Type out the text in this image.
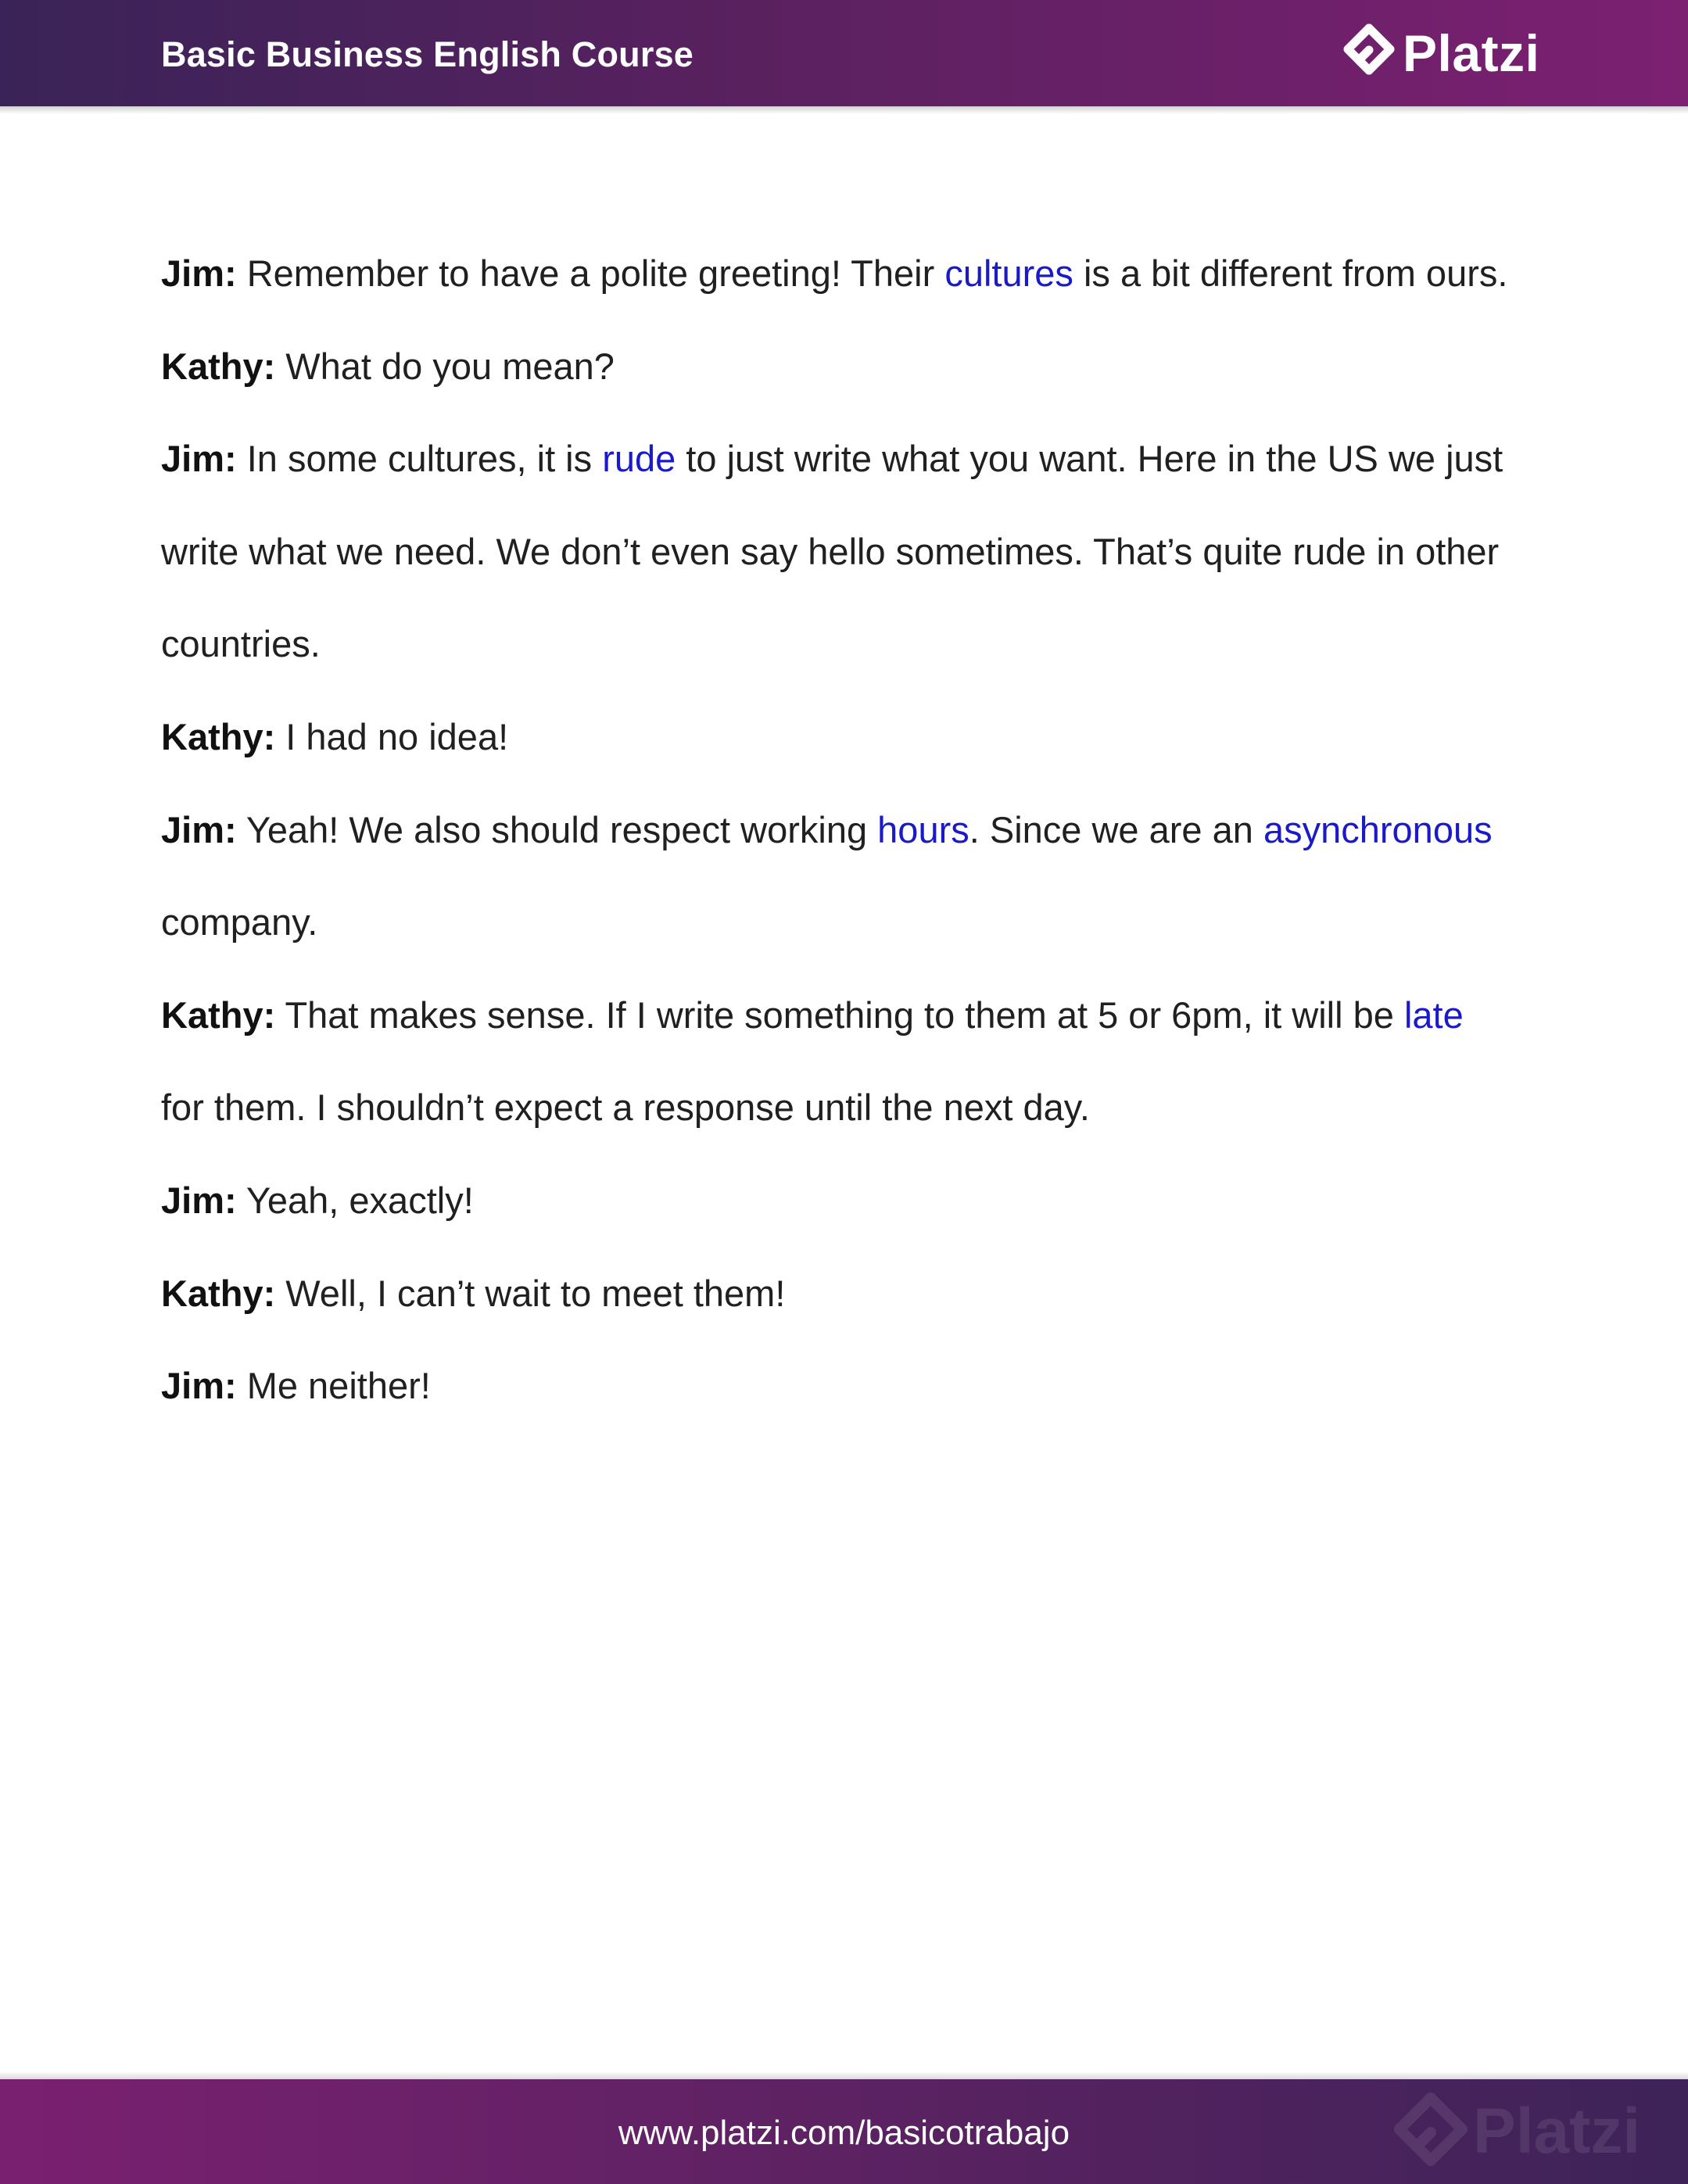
Basic Business English Course	Platzi
Jim: Remember to have a polite greeting! Their cultures is a bit different from ours.
Kathy: What do you mean?
Jim: In some cultures, it is rude to just write what you want. Here in the US we just
write what we need. We don’t even say hello sometimes. That’s quite rude in other
countries.
Kathy: I had no idea!
Jim: Yeah! We also should respect working hours. Since we are an asynchronous
company.
Kathy: That makes sense. If I write something to them at 5 or 6pm, it will be late
for them. I shouldn’t expect a response until the next day.
Jim: Yeah, exactly!
Kathy: Well, I can’t wait to meet them!
Jim: Me neither!
www.platzi.com/basicotrabajo	Platzi
